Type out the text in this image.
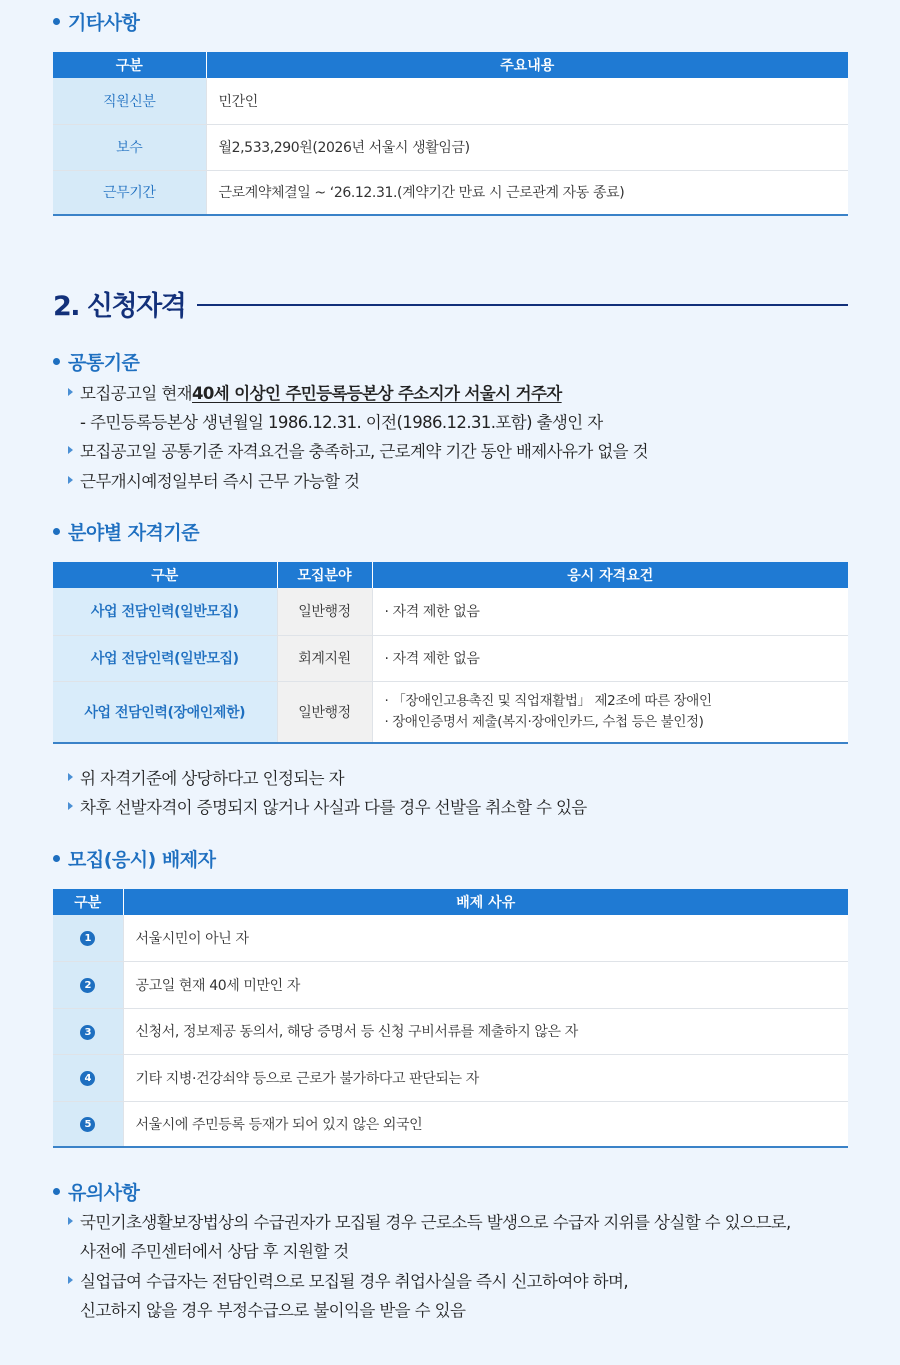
기타사항
구분	주요내용
직원신분	민간인
보수	월2,533,290원(2026년 서울시 생활임금)
근무기간	근로계약체결일 ~ ‘26.12.31.(계약기간 만료 시 근로관계 자동 종료)
2. 신청자격
공통기준
모집공고일 현재 40세 이상인 주민등록등본상 주소지가 서울시 거주자
- 주민등록등본상 생년월일 1986.12.31. 이전(1986.12.31.포함) 출생인 자
모집공고일 공통기준 자격요건을 충족하고, 근로계약 기간 동안 배제사유가 없을 것
근무개시예정일부터 즉시 근무 가능할 것
분야별 자격기준
구분	모집분야	응시 자격요건
사업 전담인력(일반모집)	일반행정	· 자격 제한 없음

사업 전담인력(일반모집)	회계지원	· 자격 제한 없음

사업 전담인력(장애인제한)	일반행정	· 「장애인고용촉진 및 직업재활법」 제2조에 따른 장애인
· 장애인증명서 제출(복지·장애인카드, 수첩 등은 불인정)
위 자격기준에 상당하다고 인정되는 자
차후 선발자격이 증명되지 않거나 사실과 다를 경우 선발을 취소할 수 있음
모집(응시) 배제자
구분	배제 사유
1	서울시민이 아닌 자
2	공고일 현재 40세 미만인 자
3	신청서, 정보제공 동의서, 해당 증명서 등 신청 구비서류를 제출하지 않은 자
4	기타 지병·건강쇠약 등으로 근로가 불가하다고 판단되는 자
5	서울시에 주민등록 등재가 되어 있지 않은 외국인
유의사항
국민기초생활보장법상의 수급권자가 모집될 경우 근로소득 발생으로 수급자 지위를 상실할 수 있으므로,
사전에 주민센터에서 상담 후 지원할 것
실업급여 수급자는 전담인력으로 모집될 경우 취업사실을 즉시 신고하여야 하며,
신고하지 않을 경우 부정수급으로 불이익을 받을 수 있음
